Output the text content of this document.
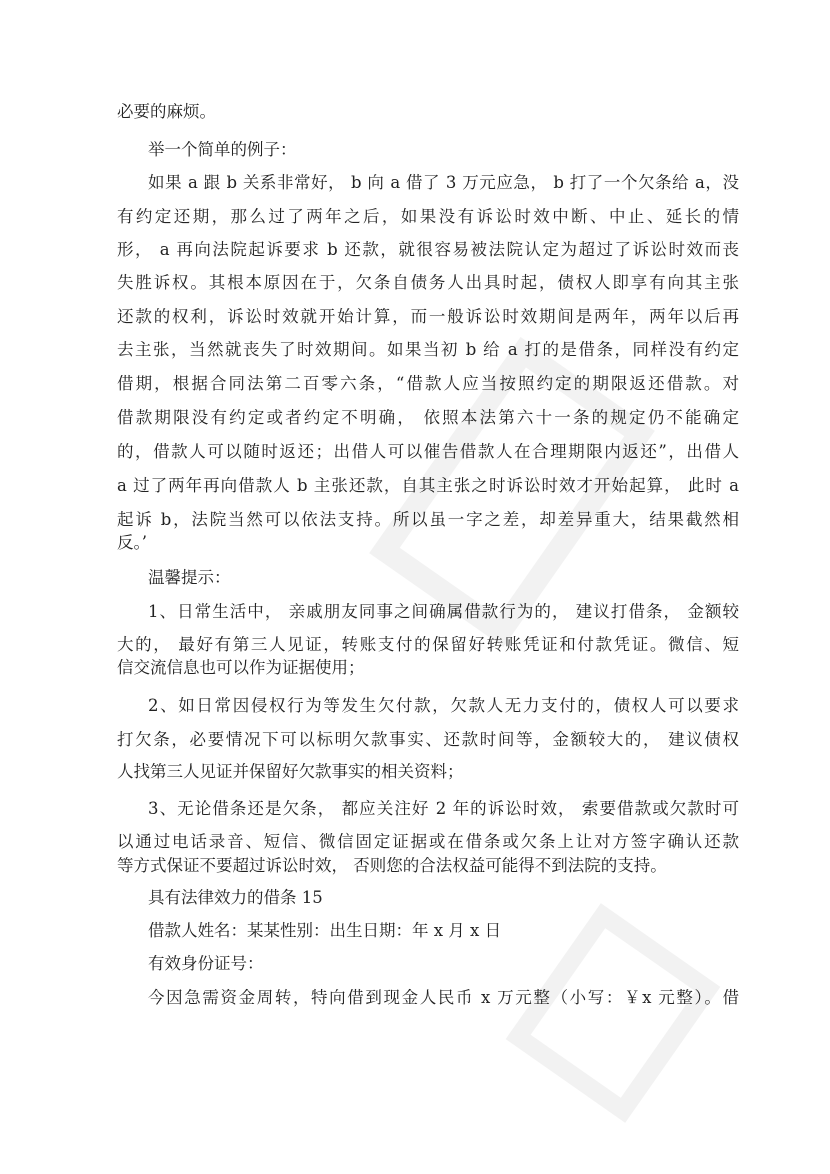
必要的麻烦。
举一个简单的例子：
如果 a 跟 b 关系非常好， b 向 a 借了 3 万元应急， b 打了一个欠条给 a，没
有约定还期，那么过了两年之后，如果没有诉讼时效中断、中止、延长的情
形， a 再向法院起诉要求 b 还款，就很容易被法院认定为超过了诉讼时效而丧
失胜诉权。其根本原因在于，欠条自债务人出具时起，债权人即享有向其主张
还款的权利，诉讼时效就开始计算，而一般诉讼时效期间是两年，两年以后再
去主张，当然就丧失了时效期间。如果当初 b 给 a 打的是借条，同样没有约定
借期，根据合同法第二百零六条，“借款人应当按照约定的期限返还借款。对
借款期限没有约定或者约定不明确， 依照本法第六十一条的规定仍不能确定
的，借款人可以随时返还；出借人可以催告借款人在合理期限内返还”，出借人
a 过了两年再向借款人 b 主张还款，自其主张之时诉讼时效才开始起算， 此时 a
起诉 b，法院当然可以依法支持。所以虽一字之差，却差异重大，结果截然相
反。’
温馨提示：
1、日常生活中， 亲戚朋友同事之间确属借款行为的， 建议打借条， 金额较
大的， 最好有第三人见证，转账支付的保留好转账凭证和付款凭证。微信、短
信交流信息也可以作为证据使用；
2、如日常因侵权行为等发生欠付款，欠款人无力支付的，债权人可以要求
打欠条，必要情况下可以标明欠款事实、还款时间等，金额较大的， 建议债权
人找第三人见证并保留好欠款事实的相关资料；
3、无论借条还是欠条， 都应关注好 2 年的诉讼时效， 索要借款或欠款时可
以通过电话录音、短信、微信固定证据或在借条或欠条上让对方签字确认还款
等方式保证不要超过诉讼时效， 否则您的合法权益可能得不到法院的支持。
具有法律效力的借条 15
借款人姓名：某某性别：出生日期：年 x 月 x 日
有效身份证号：
今因急需资金周转，特向借到现金人民币 x 万元整（小写：￥x 元整）。借
